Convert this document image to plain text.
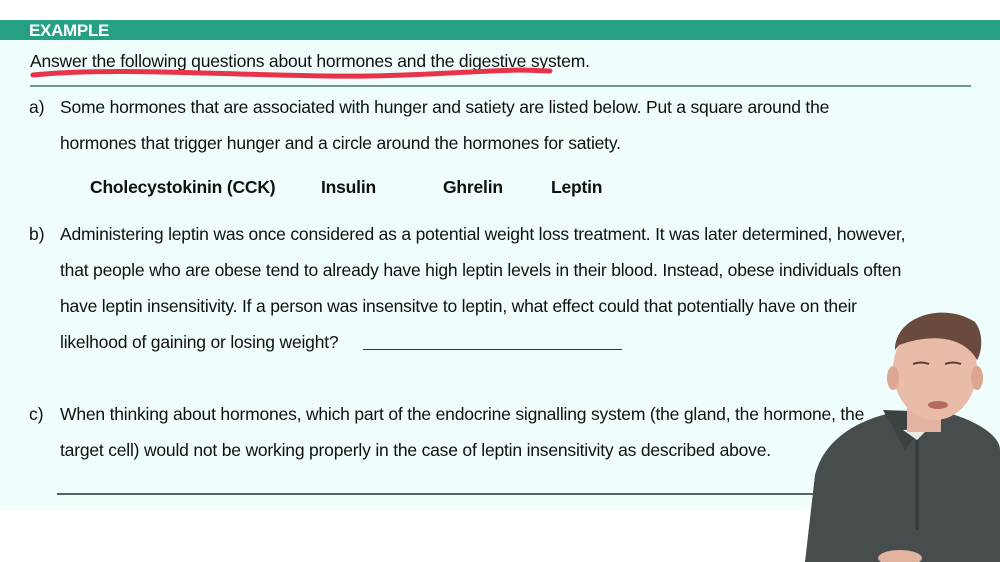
EXAMPLE
Answer the following questions about hormones and the digestive system.
a) Some hormones that are associated with hunger and satiety are listed below. Put a square around the
hormones that trigger hunger and a circle around the hormones for satiety.
Cholecystokinin (CCK)	Insulin	Ghrelin	Leptin
b) Administering leptin was once considered as a potential weight loss treatment. It was later determined, however,
that people who are obese tend to already have high leptin levels in their blood. Instead, obese individuals often
have leptin insensitivity. If a person was insensitve to leptin, what effect could that potentially have on their
likelhood of gaining or losing weight?
c) When thinking about hormones, which part of the endocrine signalling system (the gland, the hormone, the
target cell) would not be working properly in the case of leptin insensitivity as described above.
